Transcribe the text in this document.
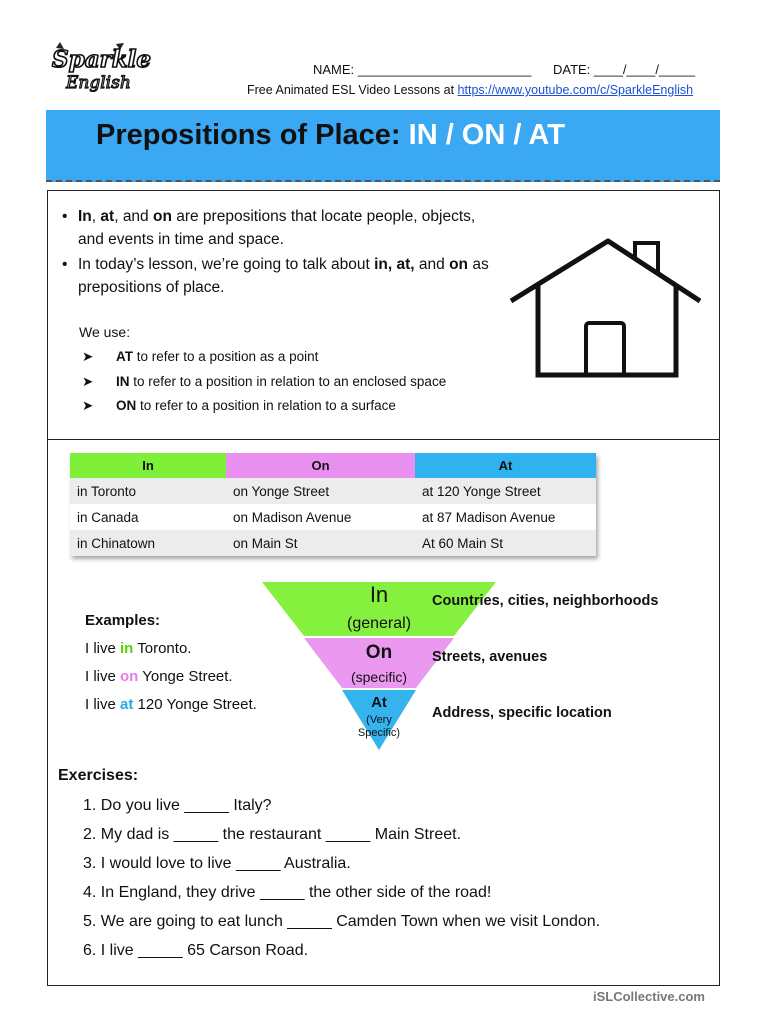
Sparkle
English
NAME: ________________________      DATE: ____/____/_____
Free Animated ESL Video Lessons at https://www.youtube.com/c/SparkleEnglish
Prepositions of Place: IN / ON / AT
• In, at, and on are prepositions that locate people, objects, and events in time and space.
• In today’s lesson, we’re going to talk about in, at, and on as prepositions of place.
We use:
➤ AT to refer to a position as a point
➤ IN to refer to a position in relation to an enclosed space
➤ ON to refer to a position in relation to a surface
In	On	At
in Toronto	on Yonge Street	at 120 Yonge Street
in Canada	on Madison Avenue	at 87 Madison Avenue
in Chinatown	on Main St	At 60 Main St
Examples:
I live in Toronto.
I live on Yonge Street.
I live at 120 Yonge Street.
In
(general)
On
(specific)
At
(Very
Specific)
Countries, cities, neighborhoods
Streets, avenues
Address, specific location
Exercises:
1. Do you live _____ Italy?
2. My dad is _____ the restaurant _____ Main Street.
3. I would love to live _____ Australia.
4. In England, they drive _____ the other side of the road!
5. We are going to eat lunch _____ Camden Town when we visit London.
6. I live _____ 65 Carson Road.
iSLCollective.com
